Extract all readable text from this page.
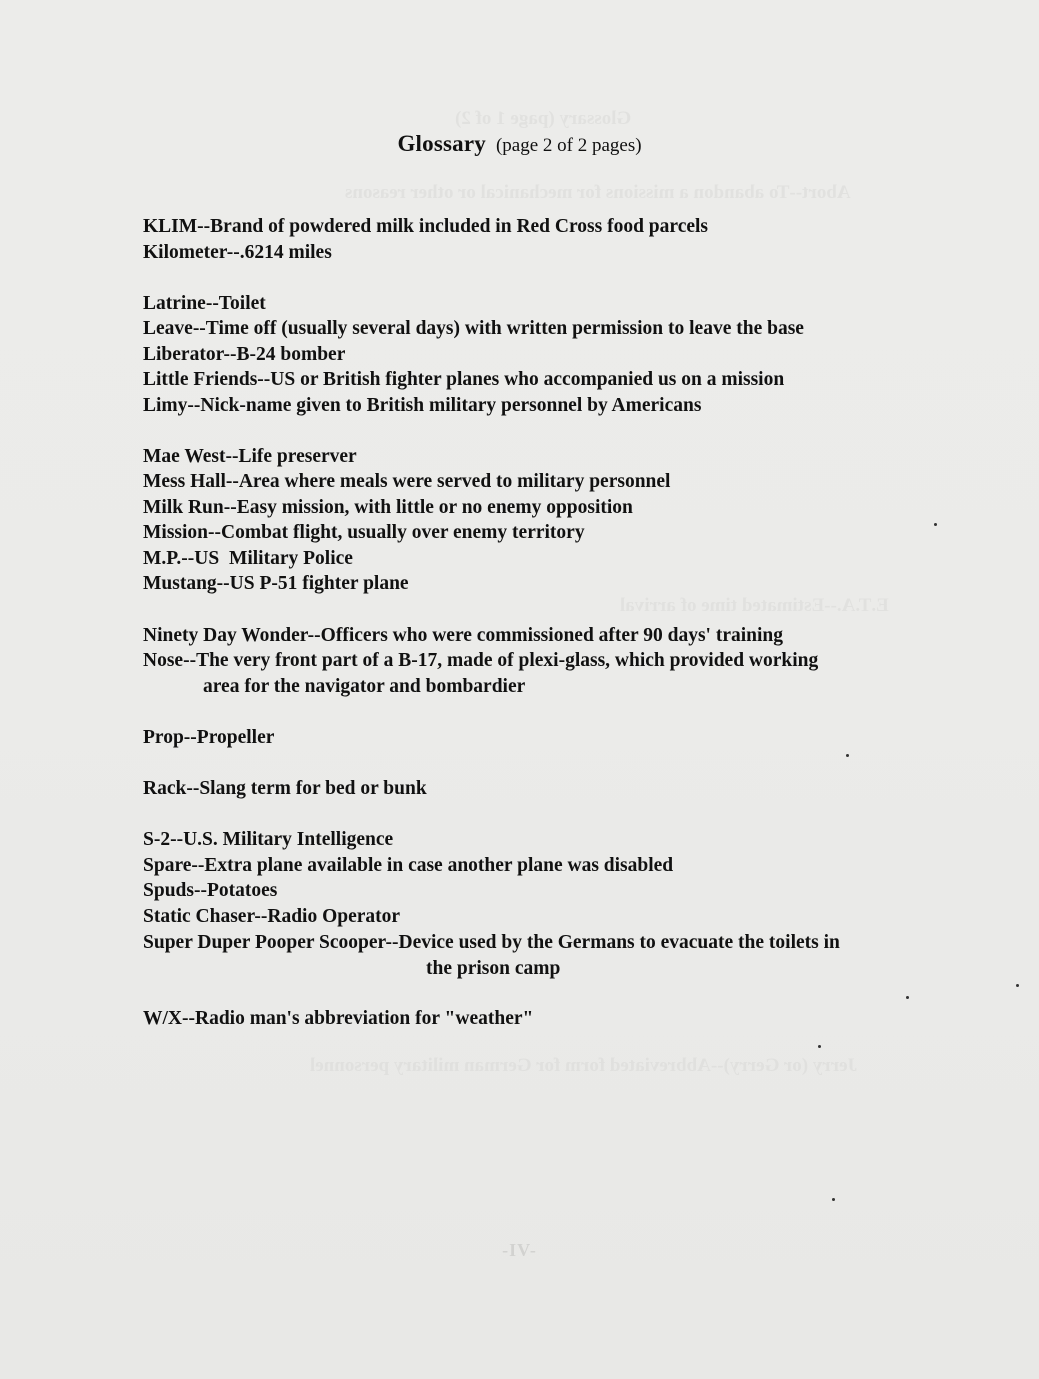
Glossary (page 1 of 2)
Abort--To abandon a missions for mechanical or other reasons
E.T.A.--Estimated time of arrival
Jerry (or Gerry)--Abbreviated form for German military personnel
Glossary (page 2 of 2 pages)
KLIM--Brand of powdered milk included in Red Cross food parcels
Kilometer--.6214 miles
Latrine--Toilet
Leave--Time off (usually several days) with written permission to leave the base
Liberator--B-24 bomber
Little Friends--US or British fighter planes who accompanied us on a mission
Limy--Nick-name given to British military personnel by Americans
Mae West--Life preserver
Mess Hall--Area where meals were served to military personnel
Milk Run--Easy mission, with little or no enemy opposition
Mission--Combat flight, usually over enemy territory
M.P.--US  Military Police
Mustang--US P-51 fighter plane
Ninety Day Wonder--Officers who were commissioned after 90 days' training
Nose--The very front part of a B-17, made of plexi-glass, which provided working
area for the navigator and bombardier
Prop--Propeller
Rack--Slang term for bed or bunk
S-2--U.S. Military Intelligence
Spare--Extra plane available in case another plane was disabled
Spuds--Potatoes
Static Chaser--Radio Operator
Super Duper Pooper Scooper--Device used by the Germans to evacuate the toilets in
the prison camp
W/X--Radio man's abbreviation for "weather"
-IV-
